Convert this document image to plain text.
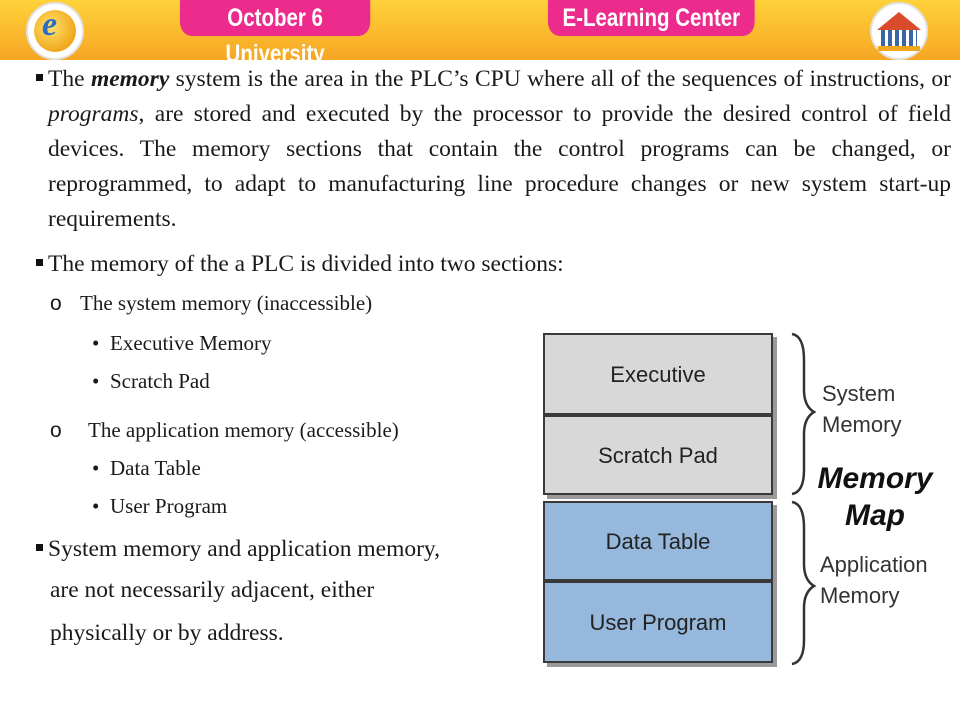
e	October 6 University
E-Learning Center

The memory system is the area in the PLC’s CPU where all of the sequences of instructions, or programs, are stored and executed by the processor to provide the desired control of field devices. The memory sections that contain the control programs can be changed, or reprogrammed, to adapt to manufacturing line procedure changes or new system start-up requirements.

The memory of the a PLC is divided into two sections:

o The system memory (inaccessible)
• Executive Memory
• Scratch Pad
o The application memory (accessible)
• Data Table
• User Program

System memory and application memory,

are not necessarily adjacent, either
physically or by address.
Executive
Scratch Pad
Data Table
User Program
System
Memory
Application
Memory
Memory
Map
